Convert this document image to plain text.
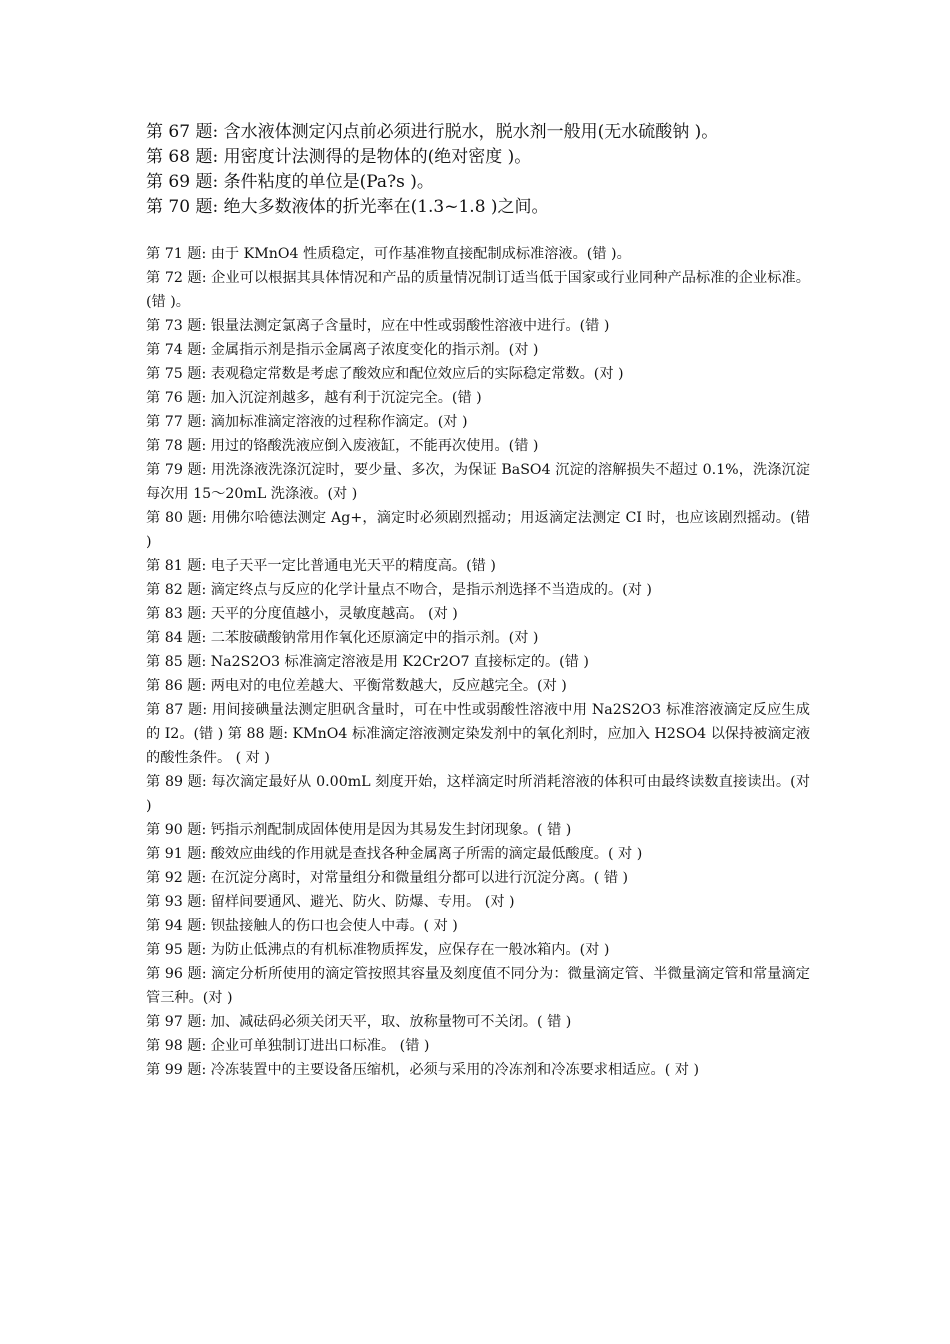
第 67 题: 含水液体测定闪点前必须进行脱水，脱水剂一般用(无水硫酸钠 )。
第 68 题: 用密度计法测得的是物体的(绝对密度 )。
第 69 题: 条件粘度的单位是(Pa?s )。
第 70 题: 绝大多数液体的折光率在(1.3~1.8 )之间。
第 71 题: 由于 KMnO4 性质稳定，可作基准物直接配制成标准溶液。(错 )。
第 72 题: 企业可以根据其具体情况和产品的质量情况制订适当低于国家或行业同种产品标准的企业标准。(错 )。
第 73 题: 银量法测定氯离子含量时，应在中性或弱酸性溶液中进行。(错 )
第 74 题: 金属指示剂是指示金属离子浓度变化的指示剂。(对 )
第 75 题: 表观稳定常数是考虑了酸效应和配位效应后的实际稳定常数。(对 )
第 76 题: 加入沉淀剂越多，越有利于沉淀完全。(错 )
第 77 题: 滴加标准滴定溶液的过程称作滴定。(对 )
第 78 题: 用过的铬酸洗液应倒入废液缸，不能再次使用。(错 )
第 79 题: 用洗涤液洗涤沉淀时，要少量、多次，为保证 BaSO4 沉淀的溶解损失不超过 0.1%，洗涤沉淀每次用 15～20mL 洗涤液。(对 )
第 80 题: 用佛尔哈德法测定 Ag+，滴定时必须剧烈摇动；用返滴定法测定 CI 时，也应该剧烈摇动。(错 )
第 81 题: 电子天平一定比普通电光天平的精度高。(错 )
第 82 题: 滴定终点与反应的化学计量点不吻合，是指示剂选择不当造成的。(对 )
第 83 题: 天平的分度值越小，灵敏度越高。 (对 )
第 84 题: 二苯胺磺酸钠常用作氧化还原滴定中的指示剂。(对 )
第 85 题: Na2S2O3 标准滴定溶液是用 K2Cr2O7 直接标定的。(错 )
第 86 题: 两电对的电位差越大、平衡常数越大，反应越完全。(对 )
第 87 题: 用间接碘量法测定胆矾含量时，可在中性或弱酸性溶液中用 Na2S2O3 标准溶液滴定反应生成的 I2。(错 ) 第 88 题: KMnO4 标准滴定溶液测定染发剂中的氧化剂时，应加入 H2SO4 以保持被滴定液的酸性条件。 ( 对 )
第 89 题: 每次滴定最好从 0.00mL 刻度开始，这样滴定时所消耗溶液的体积可由最终读数直接读出。(对 )
第 90 题: 钙指示剂配制成固体使用是因为其易发生封闭现象。( 错 )
第 91 题: 酸效应曲线的作用就是查找各种金属离子所需的滴定最低酸度。( 对 )
第 92 题: 在沉淀分离时，对常量组分和微量组分都可以进行沉淀分离。( 错 )
第 93 题: 留样间要通风、避光、防火、防爆、专用。 (对 )
第 94 题: 钡盐接触人的伤口也会使人中毒。( 对 )
第 95 题: 为防止低沸点的有机标准物质挥发，应保存在一般冰箱内。(对 )
第 96 题: 滴定分析所使用的滴定管按照其容量及刻度值不同分为：微量滴定管、半微量滴定管和常量滴定管三种。(对 )
第 97 题: 加、减砝码必须关闭天平，取、放称量物可不关闭。( 错 )
第 98 题: 企业可单独制订进出口标准。 (错 )
第 99 题: 冷冻装置中的主要设备压缩机，必须与采用的冷冻剂和冷冻要求相适应。( 对 )
